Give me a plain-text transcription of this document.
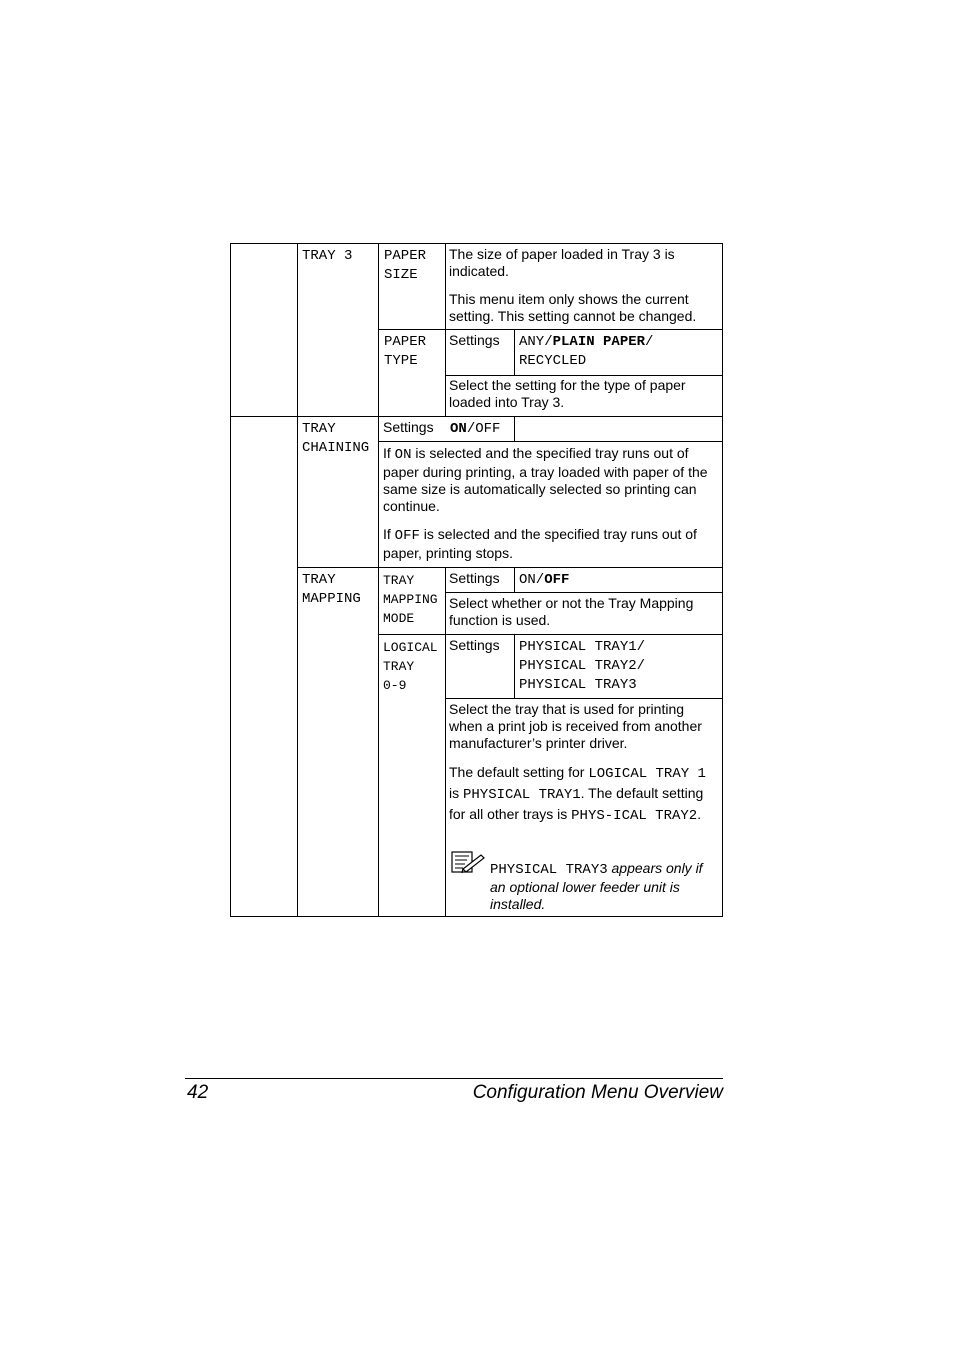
TRAY 3 PAPER
SIZE

The size of paper loaded in Tray 3 is indicated.

This menu item only shows the current setting. This setting cannot be changed.

PAPER
TYPE
Settings ANY/PLAIN PAPER/
RECYCLED

Select the setting for the type of paper loaded into Tray 3.

TRAY
CHAINING
Settings ON/OFF

If ON is selected and the specified tray runs out of paper during printing, a tray loaded with paper of the same size is automatically selected so printing can continue.

If OFF is selected and the specified tray runs out of paper, printing stops.

TRAY
MAPPING
TRAY
MAPPING
MODE
Settings ON/OFF

Select whether or not the Tray Mapping function is used.

LOGICAL
TRAY
0-9
Settings PHYSICAL TRAY1/
PHYSICAL TRAY2/
PHYSICAL TRAY3

Select the tray that is used for printing when a print job is received from another manufacturer’s printer driver.

The default setting for LOGICAL TRAY 1 is PHYSICAL TRAY1. The default setting for all other trays is PHYS-ICAL TRAY2.

PHYSICAL TRAY3 appears only if an optional lower feeder unit is installed.

42	Configuration Menu Overview
